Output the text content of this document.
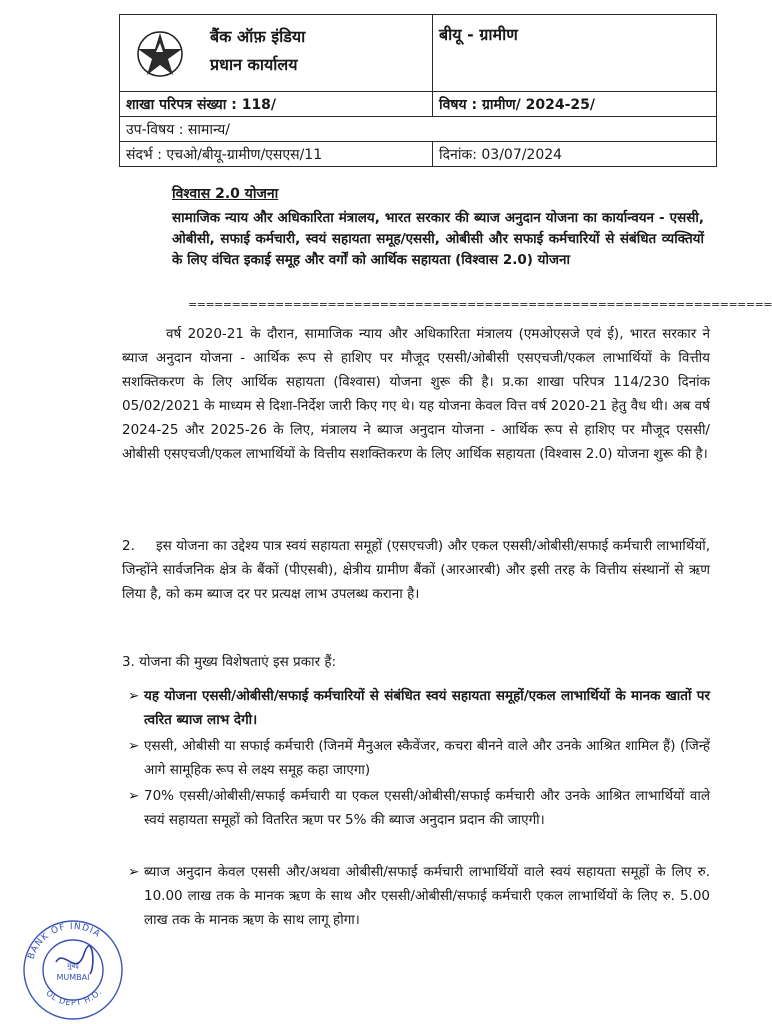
बैंक ऑफ़ इंडिया
प्रधान कार्यालय	बीयू - ग्रामीण
शाखा परिपत्र संख्या : 118/	विषय : ग्रामीण/ 2024-25/
उप-विषय : सामान्य/	
संदर्भ : एचओ/बीयू-ग्रामीण/एसएस/11	दिनांक: 03/07/2024
विश्वास 2.0 योजना
सामाजिक न्याय और अधिकारिता मंत्रालय, भारत सरकार की ब्याज अनुदान योजना का कार्यान्वयन - एससी, ओबीसी, सफाई कर्मचारी, स्वयं सहायता समूह/एससी, ओबीसी और सफाई कर्मचारियों से संबंधित व्यक्तियों के लिए वंचित इकाई समूह और वर्गों को आर्थिक सहायता (विश्वास 2.0) योजना
===================================================================
वर्ष 2020-21 के दौरान, सामाजिक न्याय और अधिकारिता मंत्रालय (एमओएसजे एवं ई), भारत सरकार ने ब्याज अनुदान योजना - आर्थिक रूप से हाशिए पर मौजूद एससी/ओबीसी एसएचजी/एकल लाभार्थियों के वित्तीय सशक्तिकरण के लिए आर्थिक सहायता (विश्वास) योजना शुरू की है। प्र.का शाखा परिपत्र 114/230 दिनांक 05/02/2021 के माध्यम से दिशा-निर्देश जारी किए गए थे। यह योजना केवल वित्त वर्ष 2020-21 हेतु वैध थी। अब वर्ष 2024-25 और 2025-26 के लिए, मंत्रालय ने ब्याज अनुदान योजना - आर्थिक रूप से हाशिए पर मौजूद एससी/ओबीसी एसएचजी/एकल लाभार्थियों के वित्तीय सशक्तिकरण के लिए आर्थिक सहायता (विश्वास 2.0) योजना शुरू की है।
2. इस योजना का उद्देश्य पात्र स्वयं सहायता समूहों (एसएचजी) और एकल एससी/ओबीसी/सफाई कर्मचारी लाभार्थियों, जिन्होंने सार्वजनिक क्षेत्र के बैंकों (पीएसबी), क्षेत्रीय ग्रामीण बैंकों (आरआरबी) और इसी तरह के वित्तीय संस्थानों से ऋण लिया है, को कम ब्याज दर पर प्रत्यक्ष लाभ उपलब्ध कराना है।
3. योजना की मुख्य विशेषताएं इस प्रकार हैं:
➢ यह योजना एससी/ओबीसी/सफाई कर्मचारियों से संबंधित स्वयं सहायता समूहों/एकल लाभार्थियों के मानक खातों पर त्वरित ब्याज लाभ देगी।
➢ एससी, ओबीसी या सफाई कर्मचारी (जिनमें मैनुअल स्कैवेंजर, कचरा बीनने वाले और उनके आश्रित शामिल हैं) (जिन्हें आगे सामूहिक रूप से लक्ष्य समूह कहा जाएगा)
➢ 70% एससी/ओबीसी/सफाई कर्मचारी या एकल एससी/ओबीसी/सफाई कर्मचारी और उनके आश्रित लाभार्थियों वाले स्वयं सहायता समूहों को वितरित ऋण पर 5% की ब्याज अनुदान प्रदान की जाएगी।
➢ ब्याज अनुदान केवल एससी और/अथवा ओबीसी/सफाई कर्मचारी लाभार्थियों वाले स्वयं सहायता समूहों के लिए रु. 10.00 लाख तक के मानक ऋण के साथ और एससी/ओबीसी/सफाई कर्मचारी एकल लाभार्थियों के लिए रु. 5.00 लाख तक के मानक ऋण के साथ लागू होगा।
BANK OF INDIA
OL DEPT H.O.
मुंबई
MUMBAI
